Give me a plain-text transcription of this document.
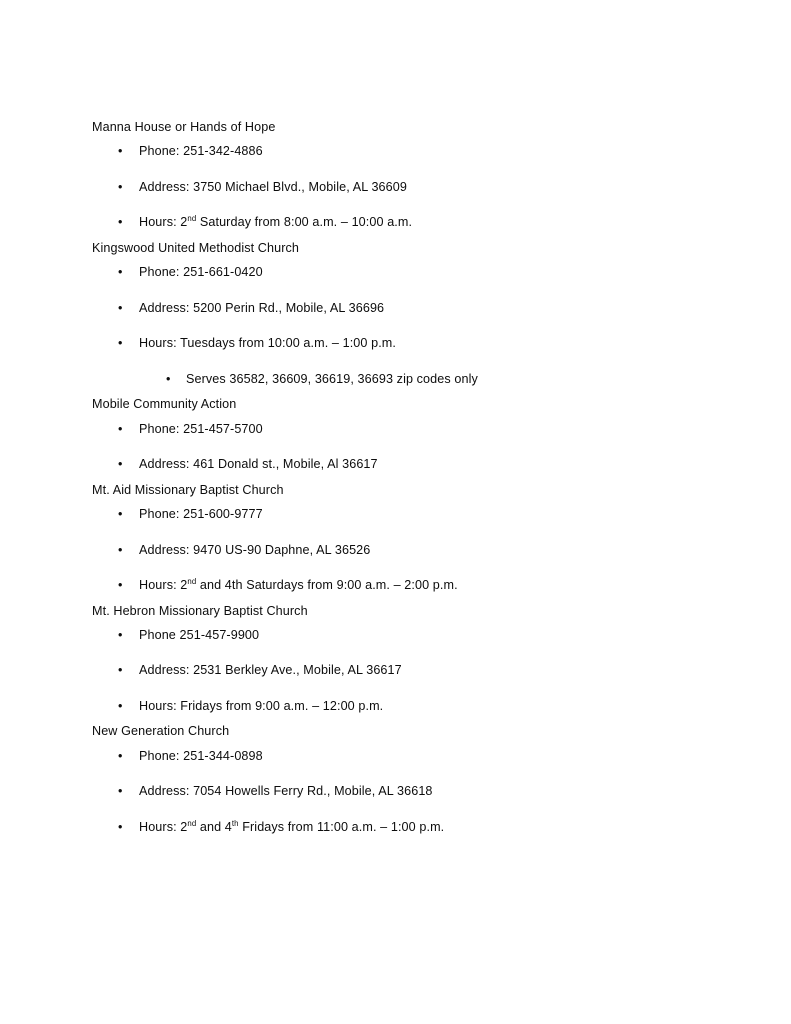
Manna House or Hands of Hope

• Phone: 251-342-4886
• Address: 3750 Michael Blvd., Mobile, AL 36609
• Hours: 2nd Saturday from 8:00 a.m. – 10:00 a.m.

Kingswood United Methodist Church

• Phone: 251-661-0420
• Address: 5200 Perin Rd., Mobile, AL 36696
• Hours: Tuesdays from 10:00 a.m. – 1:00 p.m.
• Serves 36582, 36609, 36619, 36693 zip codes only

Mobile Community Action

• Phone: 251-457-5700
• Address: 461 Donald st., Mobile, Al 36617

Mt. Aid Missionary Baptist Church

• Phone: 251-600-9777
• Address: 9470 US-90 Daphne, AL 36526
• Hours: 2nd and 4th Saturdays from 9:00 a.m. – 2:00 p.m.

Mt. Hebron Missionary Baptist Church

• Phone 251-457-9900
• Address: 2531 Berkley Ave., Mobile, AL 36617
• Hours: Fridays from 9:00 a.m. – 12:00 p.m.

New Generation Church

• Phone: 251-344-0898
• Address: 7054 Howells Ferry Rd., Mobile, AL 36618
• Hours: 2nd and 4th Fridays from 11:00 a.m. – 1:00 p.m.
